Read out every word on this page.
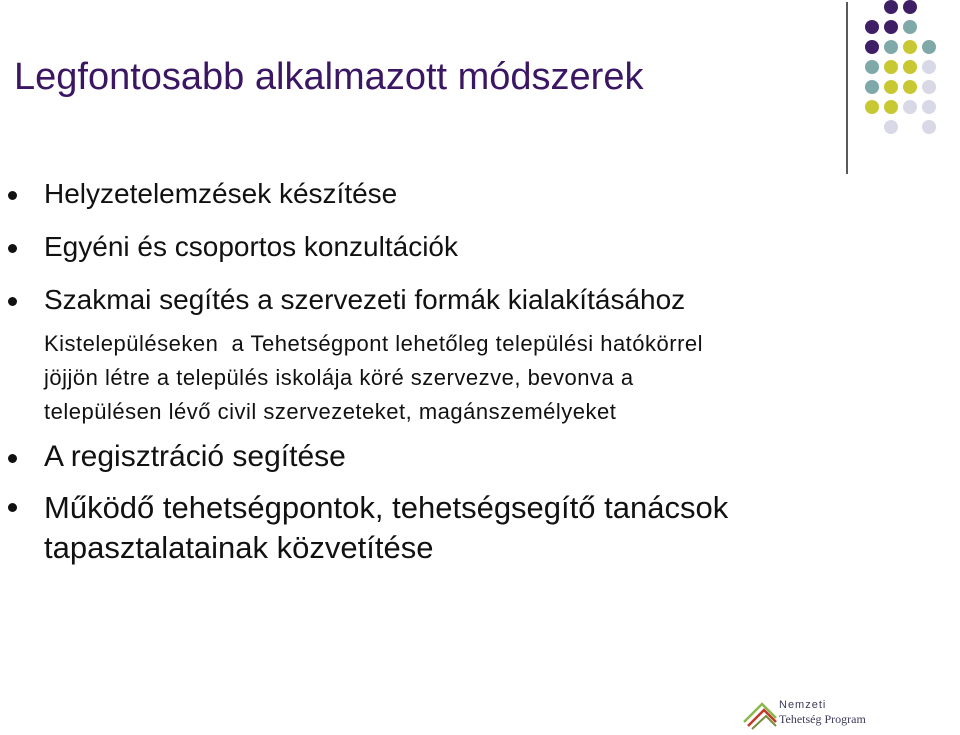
Legfontosabb alkalmazott módszerek
Helyzetelemzések készítése
Egyéni és csoportos konzultációk
Szakmai segítés a szervezeti formák kialakításához
Kistelepüléseken  a Tehetségpont lehetőleg települési hatókörrel
jöjjön létre a település iskolája köré szervezve, bevonva a
településen lévő civil szervezeteket, magánszemélyeket
A regisztráció segítése
Működő tehetségpontok, tehetségsegítő tanácsok
tapasztalatainak közvetítése
Nemzeti
Tehetség Program
